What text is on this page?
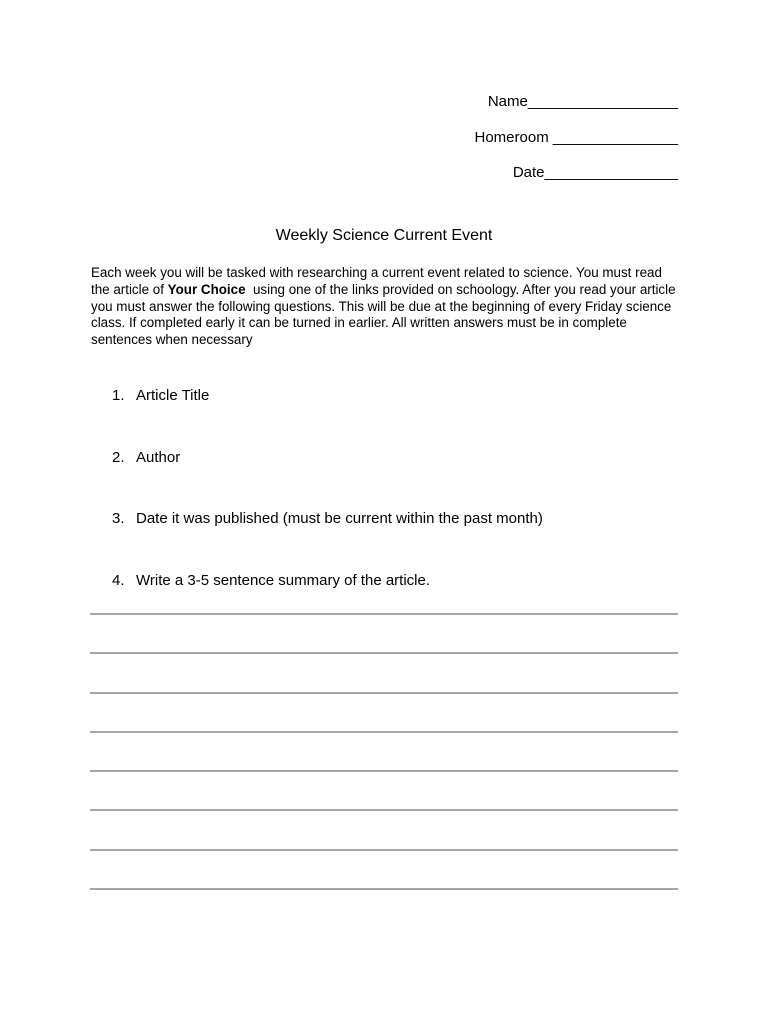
Name__________________
Homeroom _______________
Date________________
Weekly Science Current Event

Each week you will be tasked with researching a current event related to science. You must read the article of Your Choice  using one of the links provided on schoology. After you read your article you must answer the following questions. This will be due at the beginning of every Friday science class. If completed early it can be turned in earlier. All written answers must be in complete sentences when necessary

1. Article Title
2. Author
3. Date it was published (must be current within the past month)
4. Write a 3-5 sentence summary of the article.
